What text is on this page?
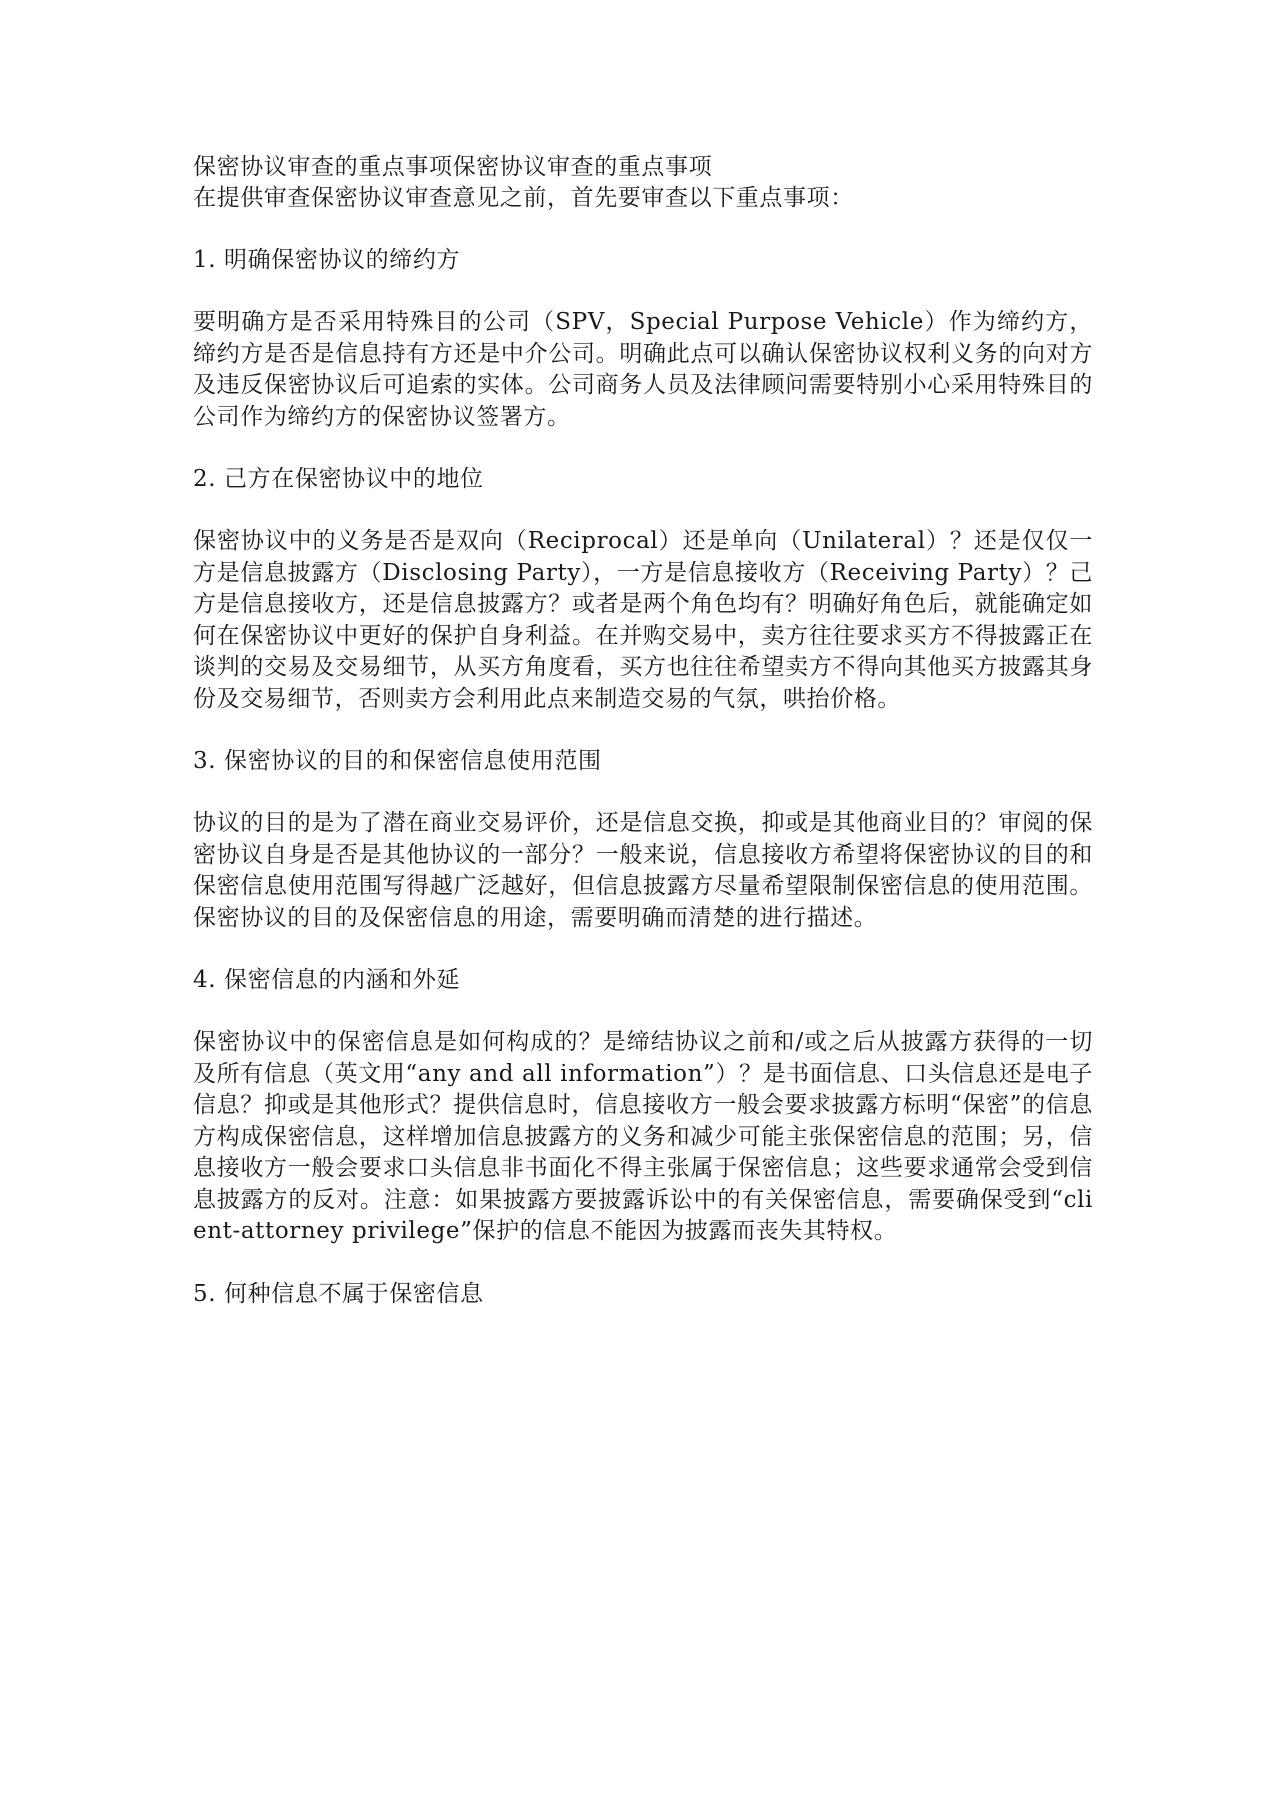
保密协议审查的重点事项保密协议审查的重点事项

在提供审查保密协议审查意见之前，首先要审查以下重点事项：

1. 明确保密协议的缔约方

要明确方是否采用特殊目的公司（SPV，Special Purpose Vehicle）作为缔约方，缔约方是否是信息持有方还是中介公司。明确此点可以确认保密协议权利义务的向对方及违反保密协议后可追索的实体。公司商务人员及法律顾问需要特别小心采用特殊目的公司作为缔约方的保密协议签署方。

2. 己方在保密协议中的地位

保密协议中的义务是否是双向（Reciprocal）还是单向（Unilateral）？还是仅仅一方是信息披露方（Disclosing Party），一方是信息接收方（Receiving Party）？己方是信息接收方，还是信息披露方？或者是两个角色均有？明确好角色后，就能确定如何在保密协议中更好的保护自身利益。在并购交易中，卖方往往要求买方不得披露正在谈判的交易及交易细节，从买方角度看，买方也往往希望卖方不得向其他买方披露其身份及交易细节，否则卖方会利用此点来制造交易的气氛，哄抬价格。

3. 保密协议的目的和保密信息使用范围

协议的目的是为了潜在商业交易评价，还是信息交换，抑或是其他商业目的？审阅的保密协议自身是否是其他协议的一部分？一般来说，信息接收方希望将保密协议的目的和保密信息使用范围写得越广泛越好，但信息披露方尽量希望限制保密信息的使用范围。保密协议的目的及保密信息的用途，需要明确而清楚的进行描述。

4. 保密信息的内涵和外延

保密协议中的保密信息是如何构成的？是缔结协议之前和/或之后从披露方获得的一切及所有信息（英文用“any and all information”）？是书面信息、口头信息还是电子信息？抑或是其他形式？提供信息时，信息接收方一般会要求披露方标明“保密”的信息方构成保密信息，这样增加信息披露方的义务和减少可能主张保密信息的范围；另，信息接收方一般会要求口头信息非书面化不得主张属于保密信息；这些要求通常会受到信息披露方的反对。注意：如果披露方要披露诉讼中的有关保密信息，需要确保受到“client-attorney privilege”保护的信息不能因为披露而丧失其特权。

5. 何种信息不属于保密信息
